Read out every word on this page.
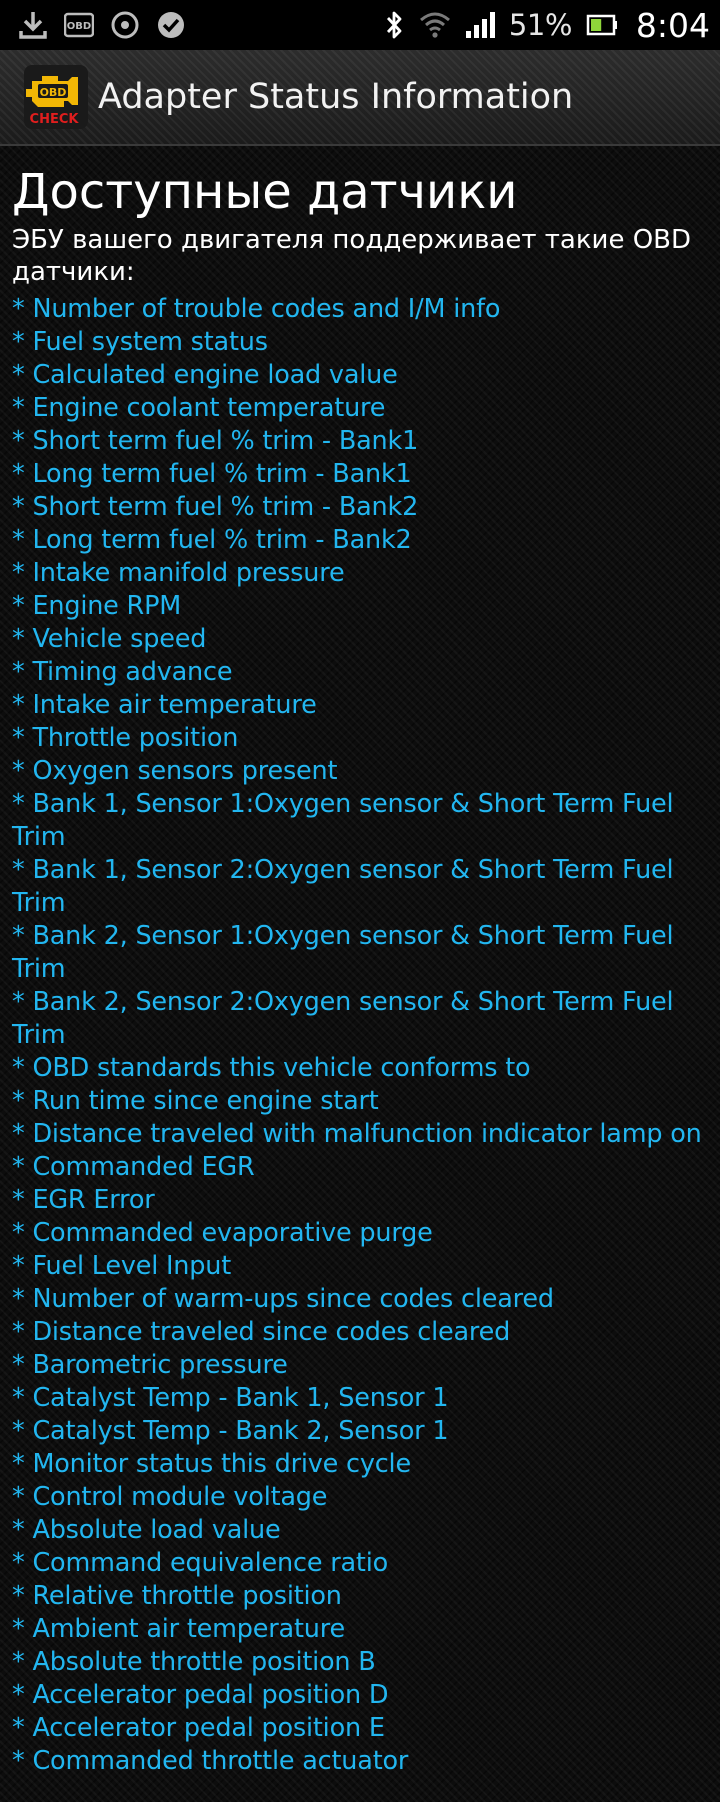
OBD	51% 8:04
OBD
CHECK
Adapter Status Information
Доступные датчики

ЭБУ вашего двигателя поддерживает такие OBD датчики:

* Number of trouble codes and I/M info
* Fuel system status
* Calculated engine load value
* Engine coolant temperature
* Short term fuel % trim - Bank1
* Long term fuel % trim - Bank1
* Short term fuel % trim - Bank2
* Long term fuel % trim - Bank2
* Intake manifold pressure
* Engine RPM
* Vehicle speed
* Timing advance
* Intake air temperature
* Throttle position
* Oxygen sensors present
* Bank 1, Sensor 1:Oxygen sensor & Short Term Fuel Trim
* Bank 1, Sensor 2:Oxygen sensor & Short Term Fuel Trim
* Bank 2, Sensor 1:Oxygen sensor & Short Term Fuel Trim
* Bank 2, Sensor 2:Oxygen sensor & Short Term Fuel Trim
* OBD standards this vehicle conforms to
* Run time since engine start
* Distance traveled with malfunction indicator lamp on
* Commanded EGR
* EGR Error
* Commanded evaporative purge
* Fuel Level Input
* Number of warm-ups since codes cleared
* Distance traveled since codes cleared
* Barometric pressure
* Catalyst Temp - Bank 1, Sensor 1
* Catalyst Temp - Bank 2, Sensor 1
* Monitor status this drive cycle
* Control module voltage
* Absolute load value
* Command equivalence ratio
* Relative throttle position
* Ambient air temperature
* Absolute throttle position B
* Accelerator pedal position D
* Accelerator pedal position E
* Commanded throttle actuator
